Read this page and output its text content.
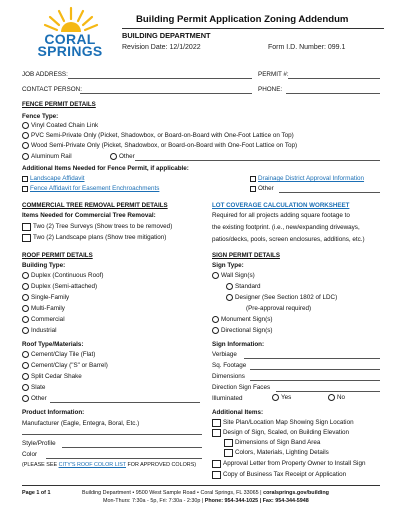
CORAL
SPRINGS
Building Permit Application Zoning Addendum
BUILDING DEPARTMENT
Revision Date: 12/1/2022	Form I.D. Number: 099.1
JOB ADDRESS:	PERMIT #:
CONTACT PERSON:	PHONE:
FENCE PERMIT DETAILS
Fence Type:
Vinyl Coated Chain Link
PVC Semi-Private Only (Picket, Shadowbox, or Board-on-Board with One-Foot Lattice on Top)
Wood Semi-Private Only (Picket, Shadowbox, or Board-on-Board with One-Foot Lattice on Top)
Aluminum Rail	Other
Additional Items Needed for Fence Permit, if applicable:
Landscape Affidavit
Fence Affidavit for Easement Enchroachments
Drainage District Approval Information
Other
COMMERCIAL TREE REMOVAL PERMIT DETAILS
Items Needed for Commercial Tree Removal:
Two (2) Tree Surveys (Show trees to be removed)
Two (2) Landscape plans (Show tree mitigation)
LOT COVERAGE CALCULATION WORKSHEET
Required for all projects adding square footage to
the existing footprint. (i.e., new/expanding driveways,
patios/decks, pools, screen enclosures, additions, etc.)
ROOF PERMIT DETAILS
Building Type:
Duplex (Continuous Roof)
Duplex (Semi-attached)
Single-Family
Multi-Family
Commercial
Industrial
Roof Type/Materials:
Cement/Clay Tile (Flat)
Cement/Clay ("S" or Barrel)
Split Cedar Shake
Slate
Other
Product Information:
Manufacturer (Eagle, Entegra, Boral, Etc.)
Style/Profile
Color
(PLEASE SEE CITY'S ROOF COLOR LIST FOR APPROVED COLORS)
SIGN PERMIT DETAILS
Sign Type:
Wall Sign(s)
Standard
Designer (See Section 1802 of LDC)
(Pre-approval required)
Monument Sign(s)
Directional Sign(s)
Sign Information:
Verbiage
Sq. Footage
Dimensions
Direction Sign Faces
Illuminated	Yes	No
Additional Items:
Site Plan/Location Map Showing Sign Location
Design of Sign, Scaled, on Building Elevation
Dimensions of Sign Band Area
Colors, Materials, Lighting Details
Approval Letter from Property Owner to Install Sign
Copy of Business Tax Receipt or Application
Page 1 of 1	Building Department • 9500 West Sample Road • Coral Springs, FL 33065 | coralsprings.gov/building
Mon-Thurs: 7:30a - 5p, Fri: 7:30a - 2:30p | Phone: 954-344-1025 | Fax: 954-344-5948
